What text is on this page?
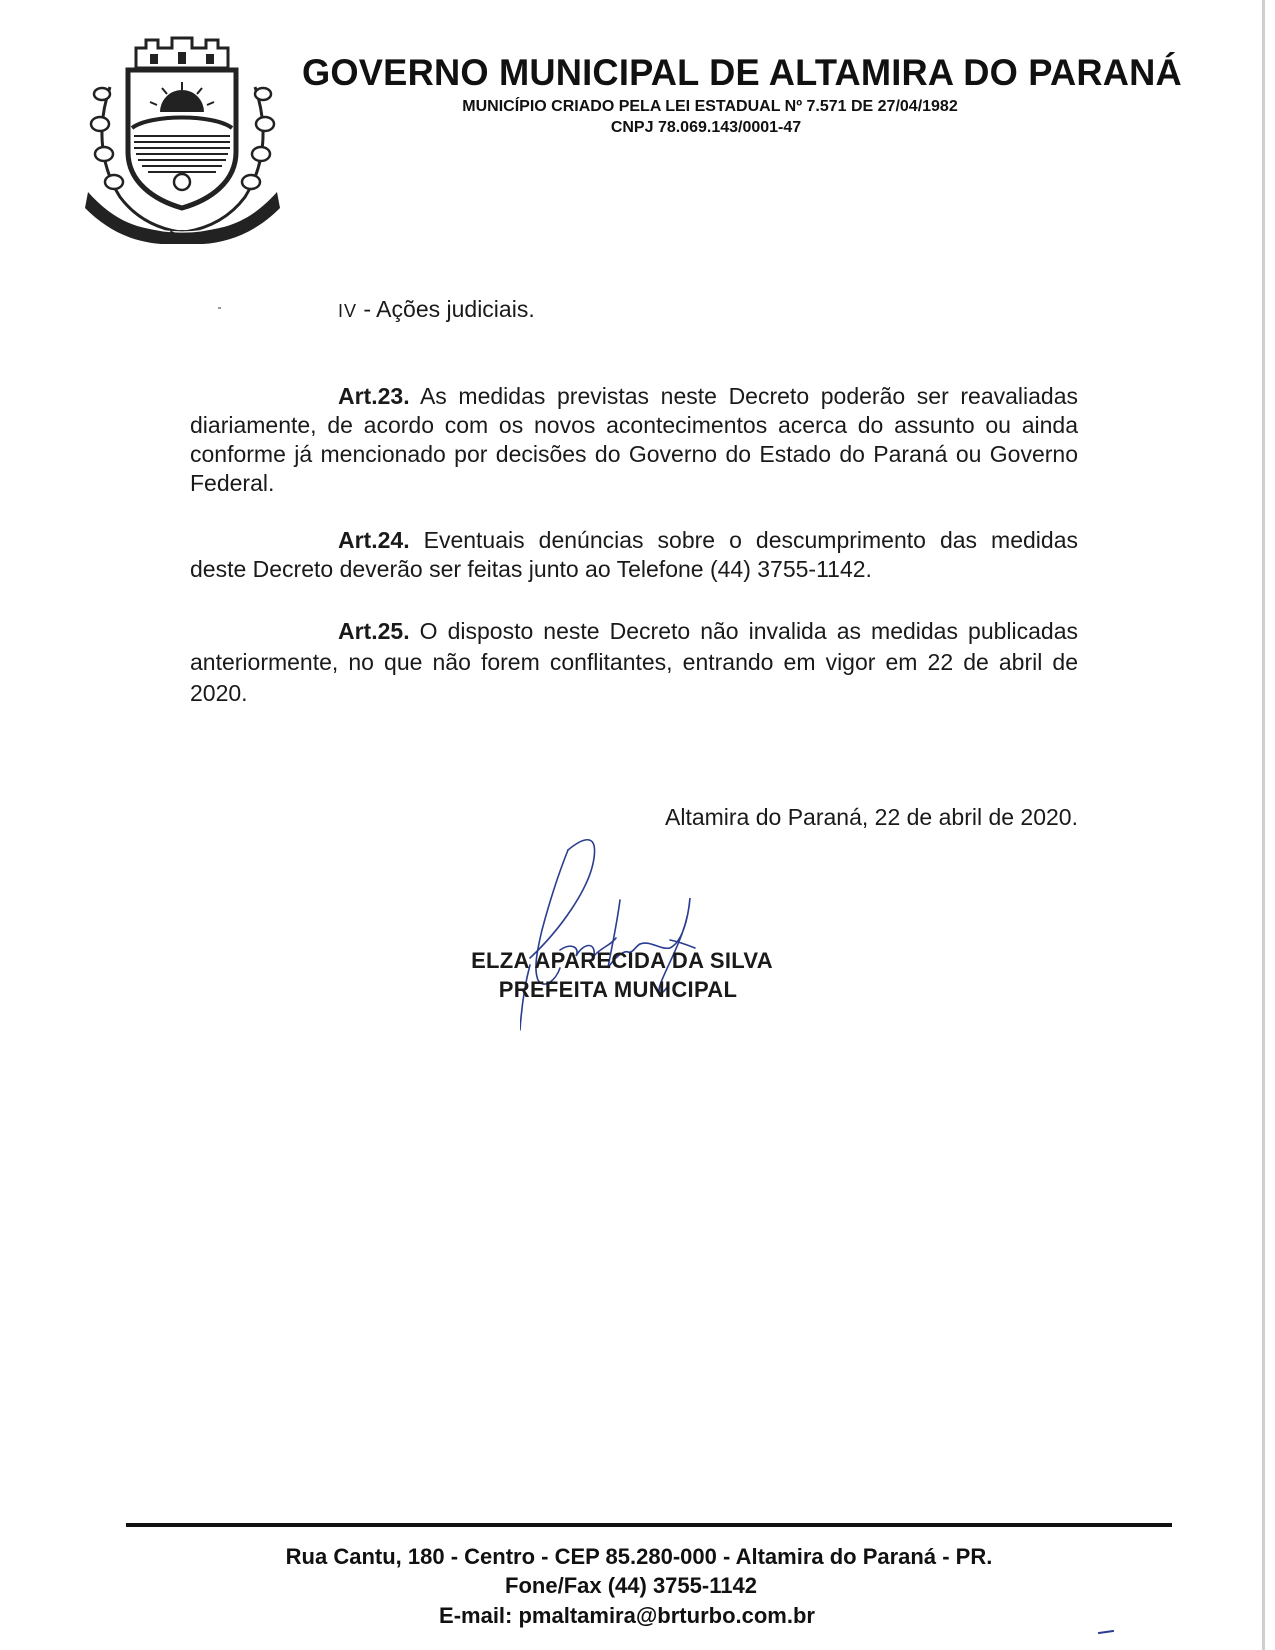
GOVERNO MUNICIPAL DE ALTAMIRA DO PARANÁ
MUNICÍPIO CRIADO PELA LEI ESTADUAL Nº 7.571 DE 27/04/1982
CNPJ 78.069.143/0001-47
IV - Ações judiciais.

Art.23. As medidas previstas neste Decreto poderão ser reavaliadas diariamente, de acordo com os novos acontecimentos acerca do assunto ou ainda conforme já mencionado por decisões do Governo do Estado do Paraná ou Governo Federal.

Art.24. Eventuais denúncias sobre o descumprimento das medidas deste Decreto deverão ser feitas junto ao Telefone (44) 3755-1142.

Art.25. O disposto neste Decreto não invalida as medidas publicadas anteriormente, no que não forem conflitantes, entrando em vigor em 22 de abril de 2020.

Altamira do Paraná, 22 de abril de 2020.
ELZA APARECIDA DA SILVA
PREFEITA MUNICIPAL
Rua Cantu, 180 - Centro - CEP 85.280-000 - Altamira do Paraná - PR.
Fone/Fax (44) 3755-1142
E-mail: pmaltamira@brturbo.com.br
